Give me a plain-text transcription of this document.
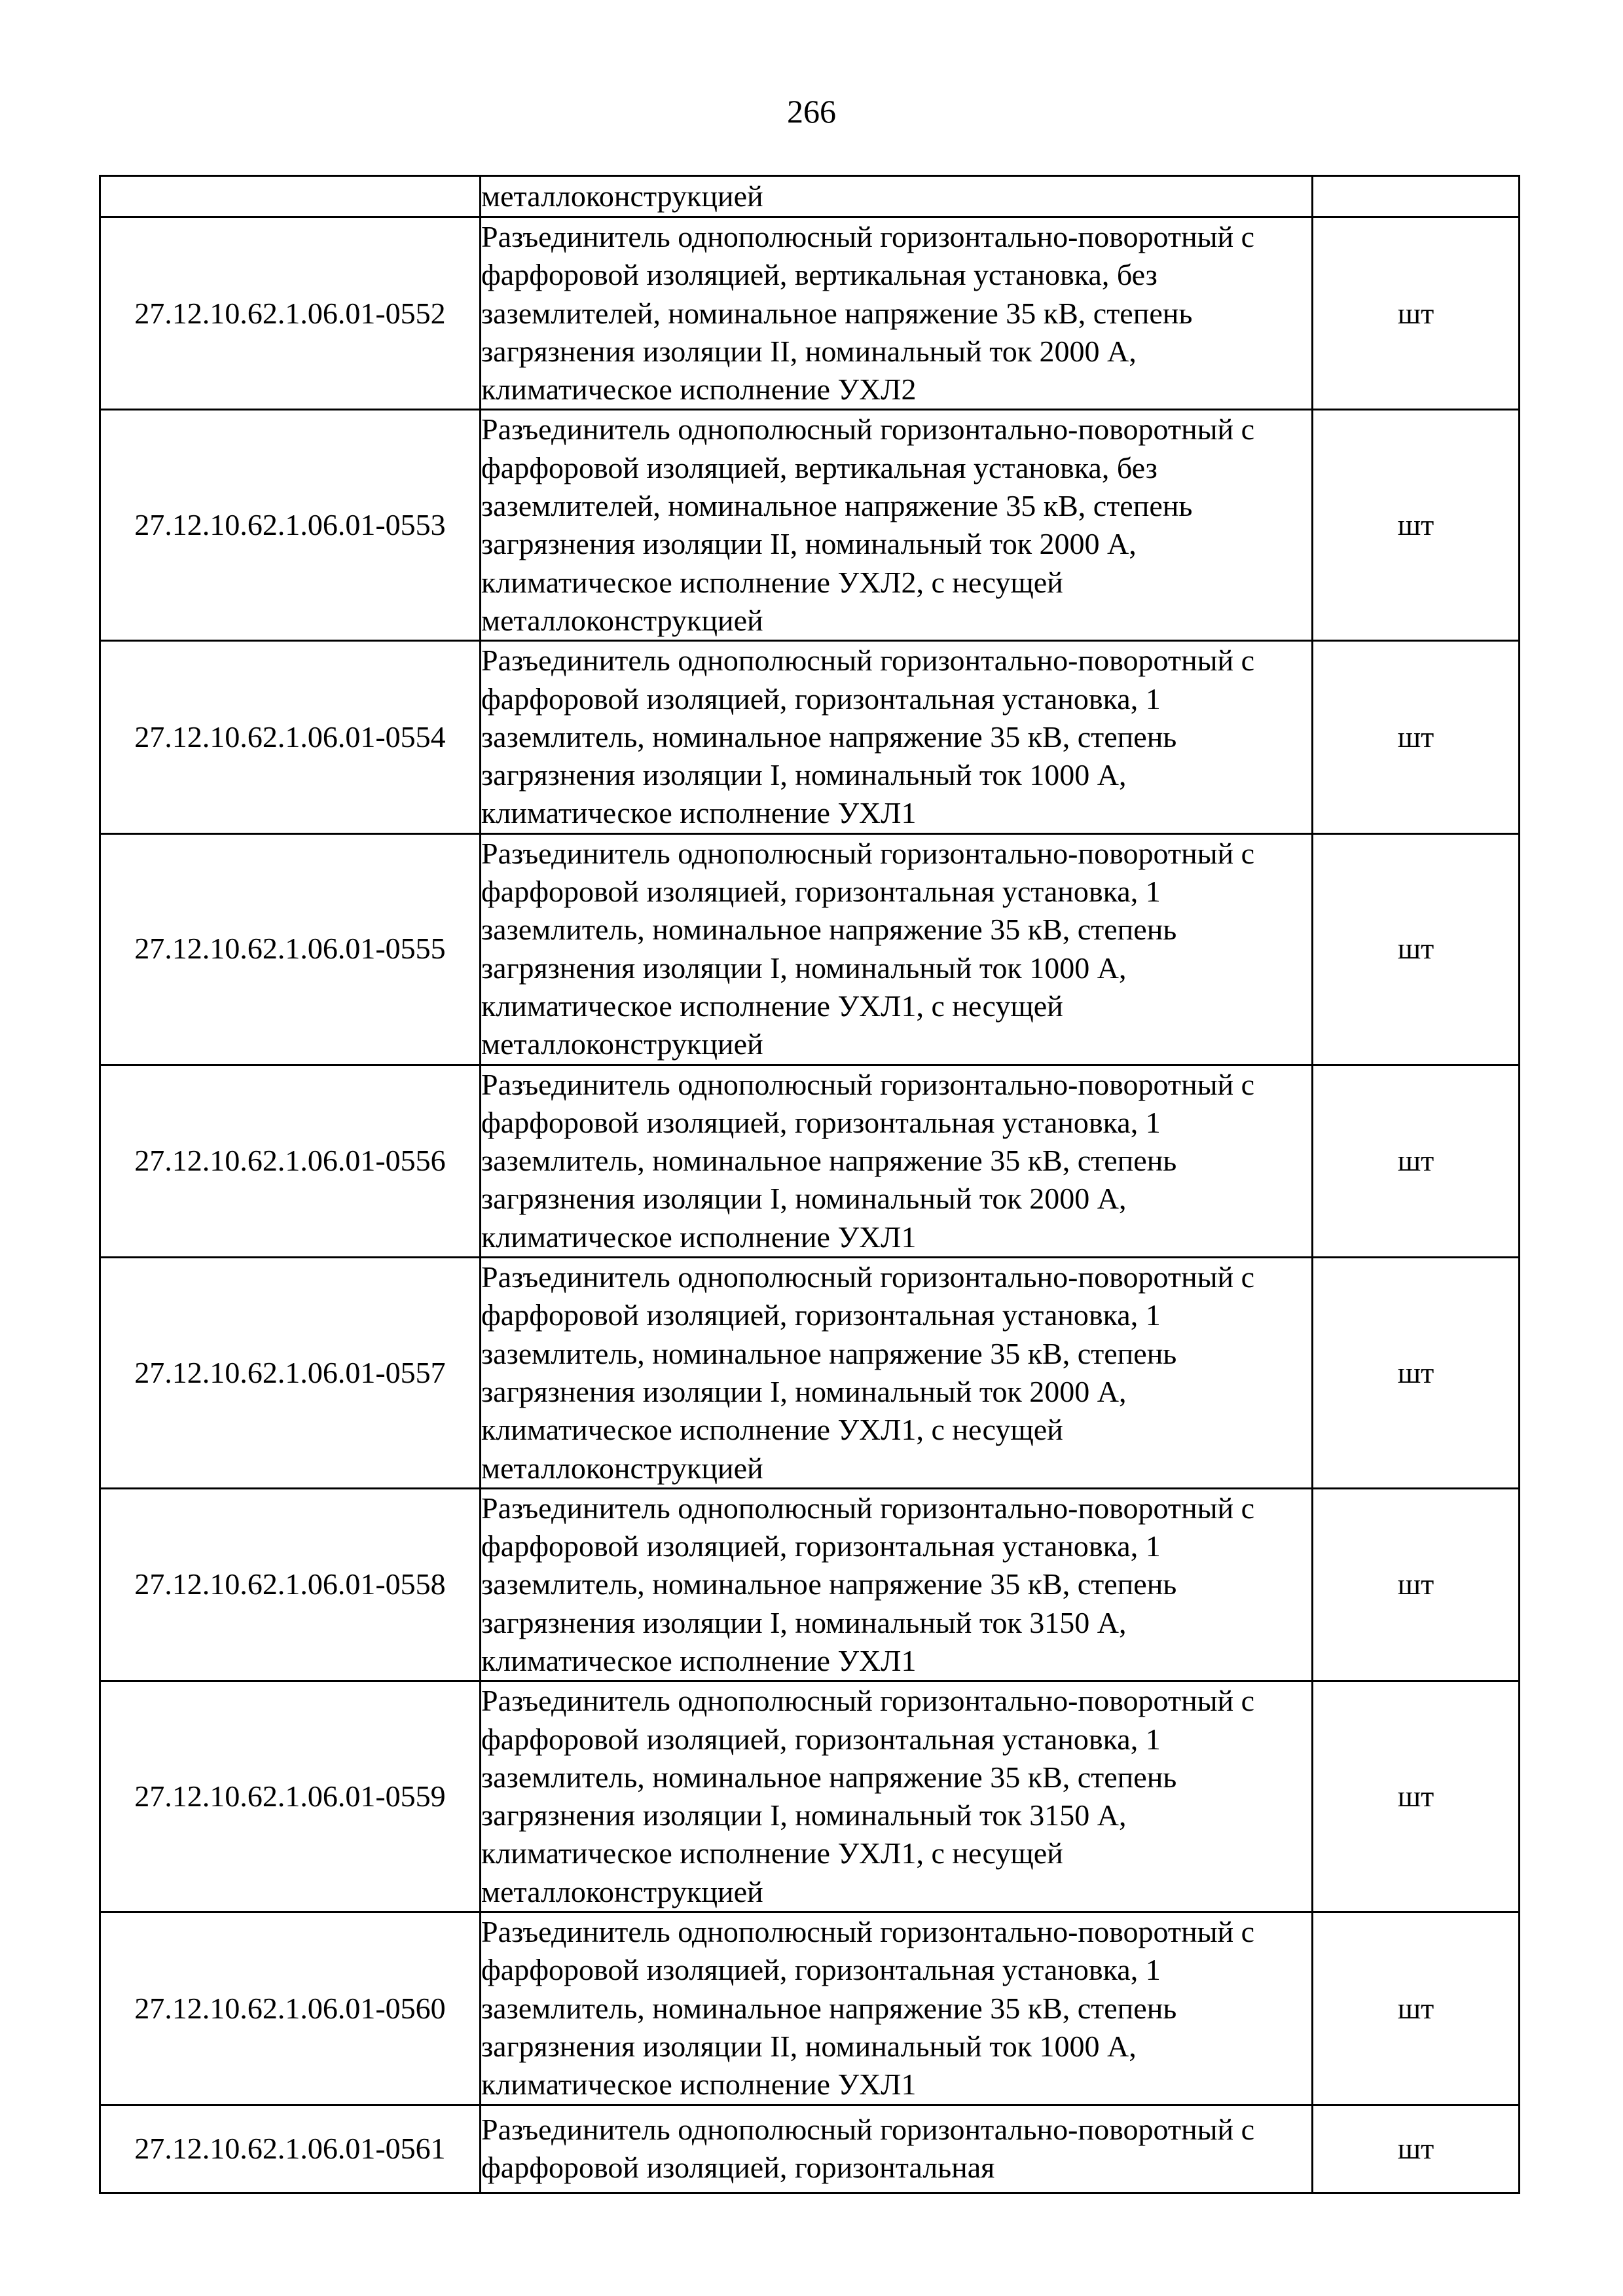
266
	металлоконструкцией	
27.12.10.62.1.06.01-0552	Разъединитель однополюсный горизонтально-поворотный с фарфоровой изоляцией, вертикальная установка, без заземлителей, номинальное напряжение 35 кВ, степень загрязнения изоляции II, номинальный ток 2000 А, климатическое исполнение УХЛ2	шт
27.12.10.62.1.06.01-0553	Разъединитель однополюсный горизонтально-поворотный с фарфоровой изоляцией, вертикальная установка, без заземлителей, номинальное напряжение 35 кВ, степень загрязнения изоляции II, номинальный ток 2000 А, климатическое исполнение УХЛ2, с несущей металлоконструкцией	шт
27.12.10.62.1.06.01-0554	Разъединитель однополюсный горизонтально-поворотный с фарфоровой изоляцией, горизонтальная установка, 1 заземлитель, номинальное напряжение 35 кВ, степень загрязнения изоляции I, номинальный ток 1000 А, климатическое исполнение УХЛ1	шт
27.12.10.62.1.06.01-0555	Разъединитель однополюсный горизонтально-поворотный с фарфоровой изоляцией, горизонтальная установка, 1 заземлитель, номинальное напряжение 35 кВ, степень загрязнения изоляции I, номинальный ток 1000 А, климатическое исполнение УХЛ1, с несущей металлоконструкцией	шт
27.12.10.62.1.06.01-0556	Разъединитель однополюсный горизонтально-поворотный с фарфоровой изоляцией, горизонтальная установка, 1 заземлитель, номинальное напряжение 35 кВ, степень загрязнения изоляции I, номинальный ток 2000 А, климатическое исполнение УХЛ1	шт
27.12.10.62.1.06.01-0557	Разъединитель однополюсный горизонтально-поворотный с фарфоровой изоляцией, горизонтальная установка, 1 заземлитель, номинальное напряжение 35 кВ, степень загрязнения изоляции I, номинальный ток 2000 А, климатическое исполнение УХЛ1, с несущей металлоконструкцией	шт
27.12.10.62.1.06.01-0558	Разъединитель однополюсный горизонтально-поворотный с фарфоровой изоляцией, горизонтальная установка, 1 заземлитель, номинальное напряжение 35 кВ, степень загрязнения изоляции I, номинальный ток 3150 А, климатическое исполнение УХЛ1	шт
27.12.10.62.1.06.01-0559	Разъединитель однополюсный горизонтально-поворотный с фарфоровой изоляцией, горизонтальная установка, 1 заземлитель, номинальное напряжение 35 кВ, степень загрязнения изоляции I, номинальный ток 3150 А, климатическое исполнение УХЛ1, с несущей металлоконструкцией	шт
27.12.10.62.1.06.01-0560	Разъединитель однополюсный горизонтально-поворотный с фарфоровой изоляцией, горизонтальная установка, 1 заземлитель, номинальное напряжение 35 кВ, степень загрязнения изоляции II, номинальный ток 1000 А, климатическое исполнение УХЛ1	шт
27.12.10.62.1.06.01-0561	Разъединитель однополюсный горизонтально-поворотный с фарфоровой изоляцией, горизонтальная	шт
